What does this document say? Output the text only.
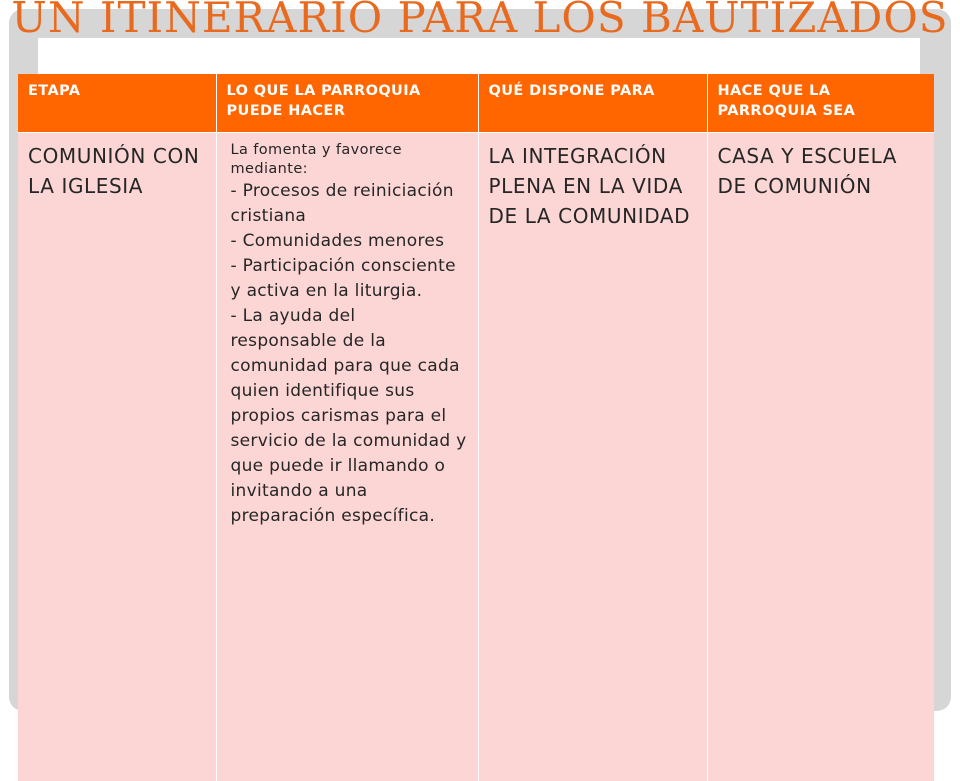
UN ITINERARIO PARA LOS BAUTIZADOS
ETAPA	LO QUE LA PARROQUIA PUEDE HACER	QUÉ DISPONE PARA	HACE QUE LA PARROQUIA SEA
COMUNIÓN CON LA IGLESIA	La fomenta y favorece mediante:
- Procesos de reiniciación cristiana
- Comunidades menores
- Participación consciente y activa en la liturgia.
- La ayuda del responsable de la comunidad para que cada quien identifique sus propios carismas para el servicio de la comunidad y que puede ir llamando o invitando a una preparación específica.	LA INTEGRACIÓN PLENA EN LA VIDA DE LA COMUNIDAD	CASA Y ESCUELA DE COMUNIÓN
